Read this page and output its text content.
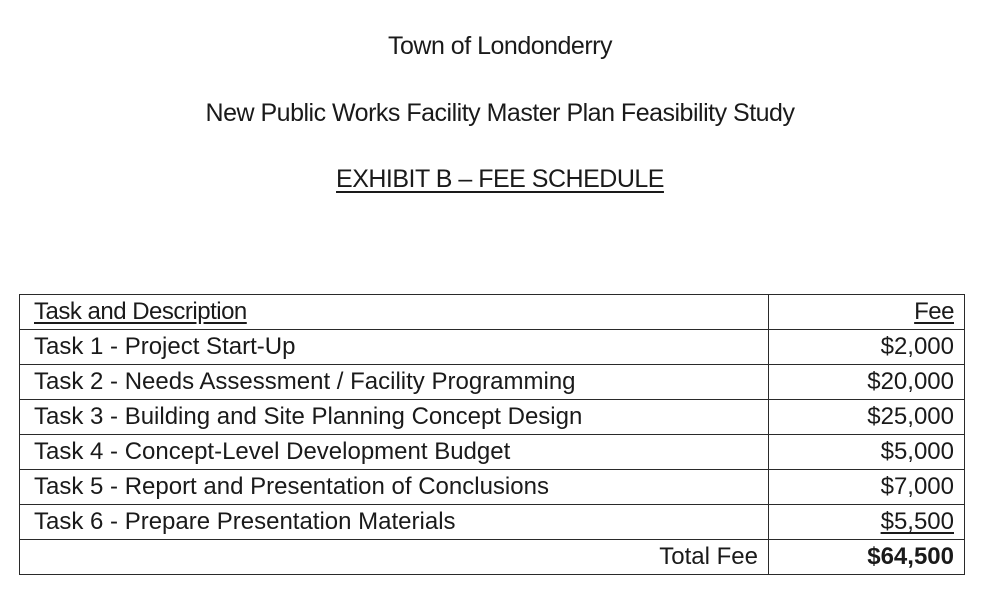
Town of Londonderry
New Public Works Facility Master Plan Feasibility Study
EXHIBIT B – FEE SCHEDULE
Task and Description	Fee
Task 1 - Project Start-Up	$2,000
Task 2 - Needs Assessment / Facility Programming	$20,000
Task 3 - Building and Site Planning Concept Design	$25,000
Task 4 - Concept-Level Development Budget	$5,000
Task 5 - Report and Presentation of Conclusions	$7,000
Task 6 - Prepare Presentation Materials	$5,500
Total Fee	$64,500
